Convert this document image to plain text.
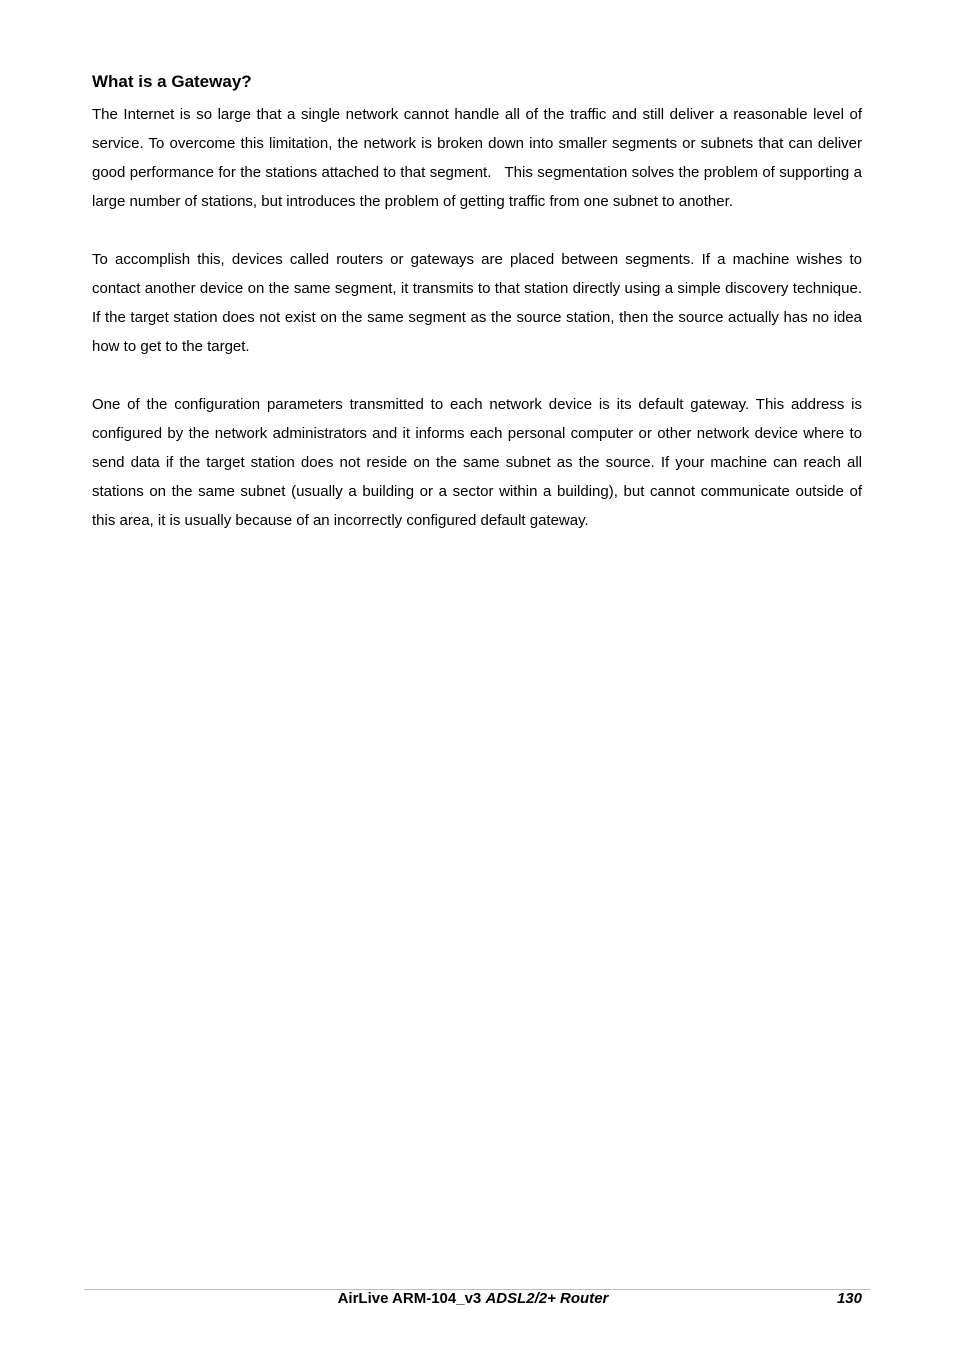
What is a Gateway?

The Internet is so large that a single network cannot handle all of the traffic and still deliver a reasonable level of service. To overcome this limitation, the network is broken down into smaller segments or subnets that can deliver good performance for the stations attached to that segment.   This segmentation solves the problem of supporting a large number of stations, but introduces the problem of getting traffic from one subnet to another.

To accomplish this, devices called routers or gateways are placed between segments. If a machine wishes to contact another device on the same segment, it transmits to that station directly using a simple discovery technique. If the target station does not exist on the same segment as the source station, then the source actually has no idea how to get to the target.

One of the configuration parameters transmitted to each network device is its default gateway. This address is configured by the network administrators and it informs each personal computer or other network device where to send data if the target station does not reside on the same subnet as the source. If your machine can reach all stations on the same subnet (usually a building or a sector within a building), but cannot communicate outside of this area, it is usually because of an incorrectly configured default gateway.

AirLive ARM-104_v3 ADSL2/2+ Router	130
